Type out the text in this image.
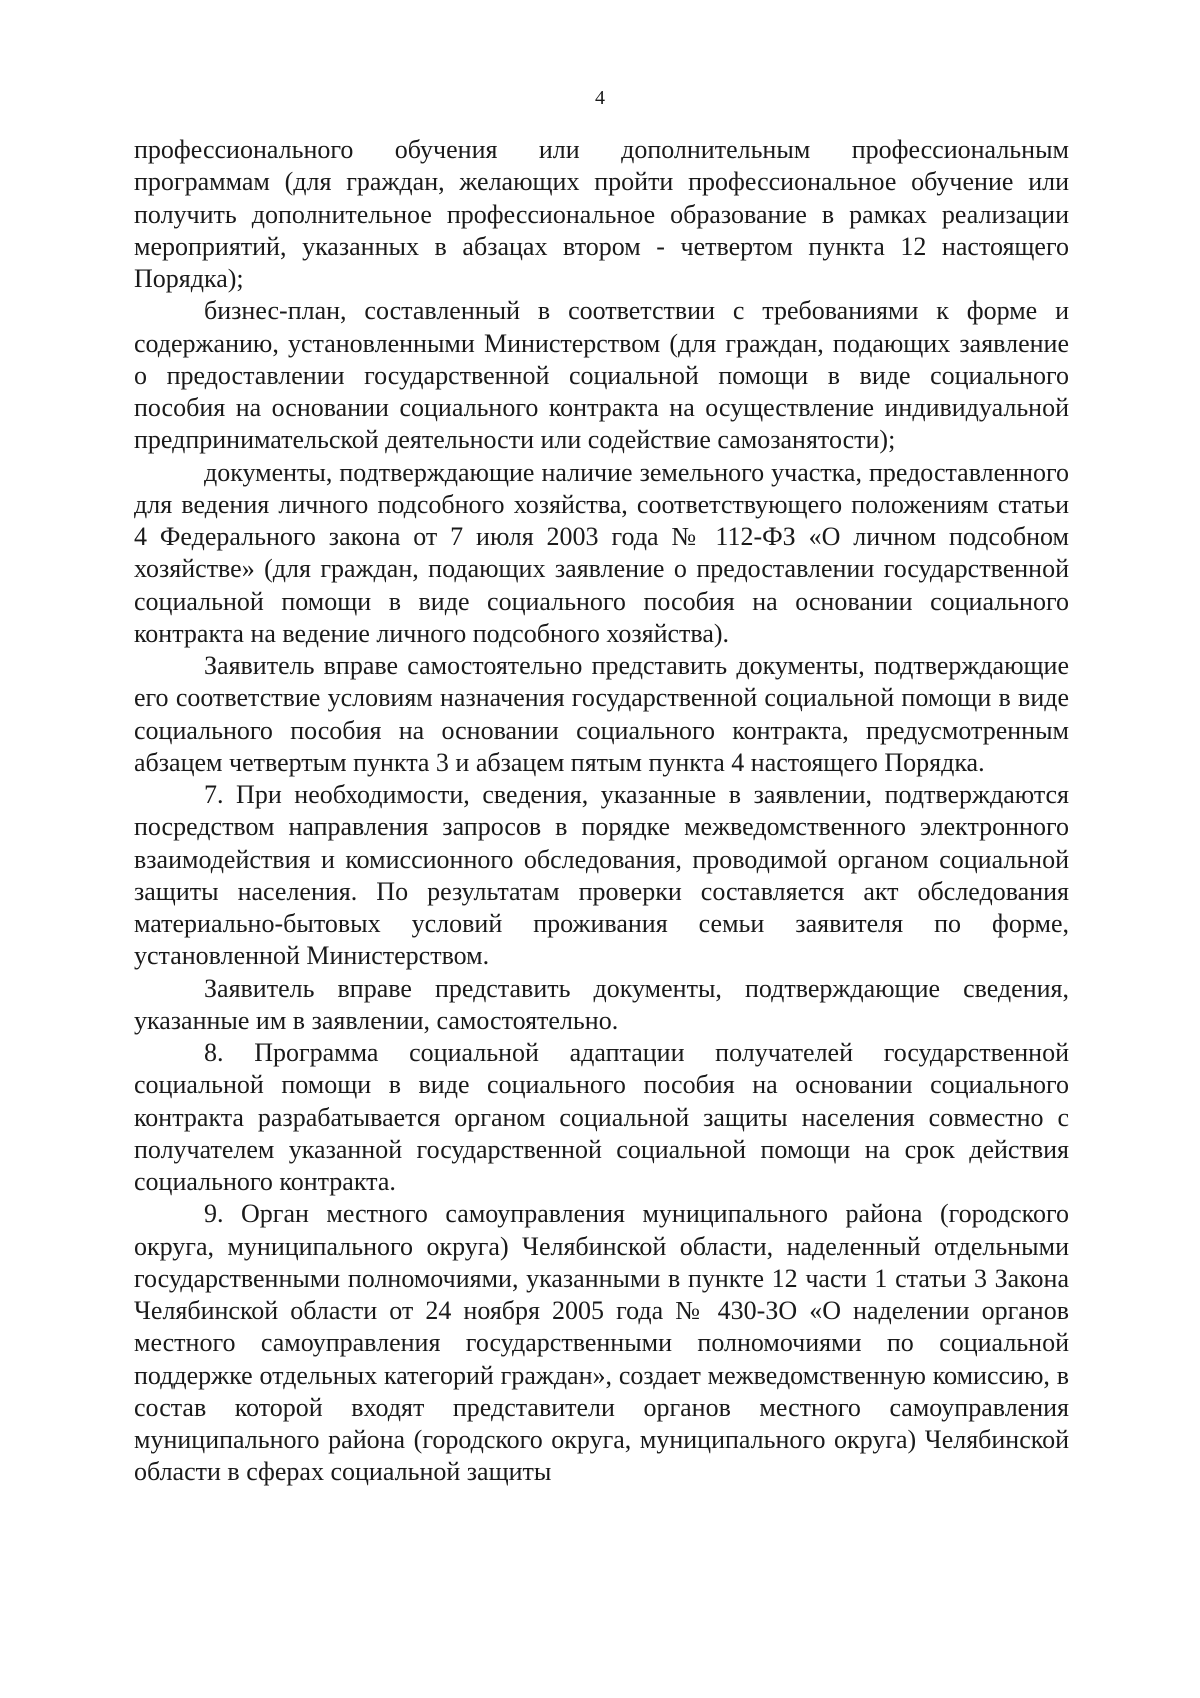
4

профессионального обучения или дополнительным профессиональным программам (для граждан, желающих пройти профессиональное обучение или получить дополнительное профессиональное образование в рамках реализации мероприятий, указанных в абзацах втором - четвертом пункта 12 настоящего Порядка);

бизнес-план, составленный в соответствии с требованиями к форме и содержанию, установленными Министерством (для граждан, подающих заявление о предоставлении государственной социальной помощи в виде социального пособия на основании социального контракта на осуществление индивидуальной предпринимательской деятельности или содействие самозанятости);

документы, подтверждающие наличие земельного участка, предоставленного для ведения личного подсобного хозяйства, соответствующего положениям статьи 4 Федерального закона от 7 июля 2003 года № 112-ФЗ «О личном подсобном хозяйстве» (для граждан, подающих заявление о предоставлении государственной социальной помощи в виде социального пособия на основании социального контракта на ведение личного подсобного хозяйства).

Заявитель вправе самостоятельно представить документы, подтверждающие его соответствие условиям назначения государственной социальной помощи в виде социального пособия на основании социального контракта, предусмотренным абзацем четвертым пункта 3 и абзацем пятым пункта 4 настоящего Порядка.

7. При необходимости, сведения, указанные в заявлении, подтверждаются посредством направления запросов в порядке межведомственного электронного взаимодействия и комиссионного обследования, проводимой органом социальной защиты населения. По результатам проверки составляется акт обследования материально-бытовых условий проживания семьи заявителя по форме, установленной Министерством.

Заявитель вправе представить документы, подтверждающие сведения, указанные им в заявлении, самостоятельно.

8. Программа социальной адаптации получателей государственной социальной помощи в виде социального пособия на основании социального контракта разрабатывается органом социальной защиты населения совместно с получателем указанной государственной социальной помощи на срок действия социального контракта.

9. Орган местного самоуправления муниципального района (городского округа, муниципального округа) Челябинской области, наделенный отдельными государственными полномочиями, указанными в пункте 12 части 1 статьи 3 Закона Челябинской области от 24 ноября 2005 года № 430-ЗО «О наделении органов местного самоуправления государственными полномочиями по социальной поддержке отдельных категорий граждан», создает межведомственную комиссию, в состав которой входят представители органов местного самоуправления муниципального района (городского округа, муниципального округа) Челябинской области в сферах социальной защиты
